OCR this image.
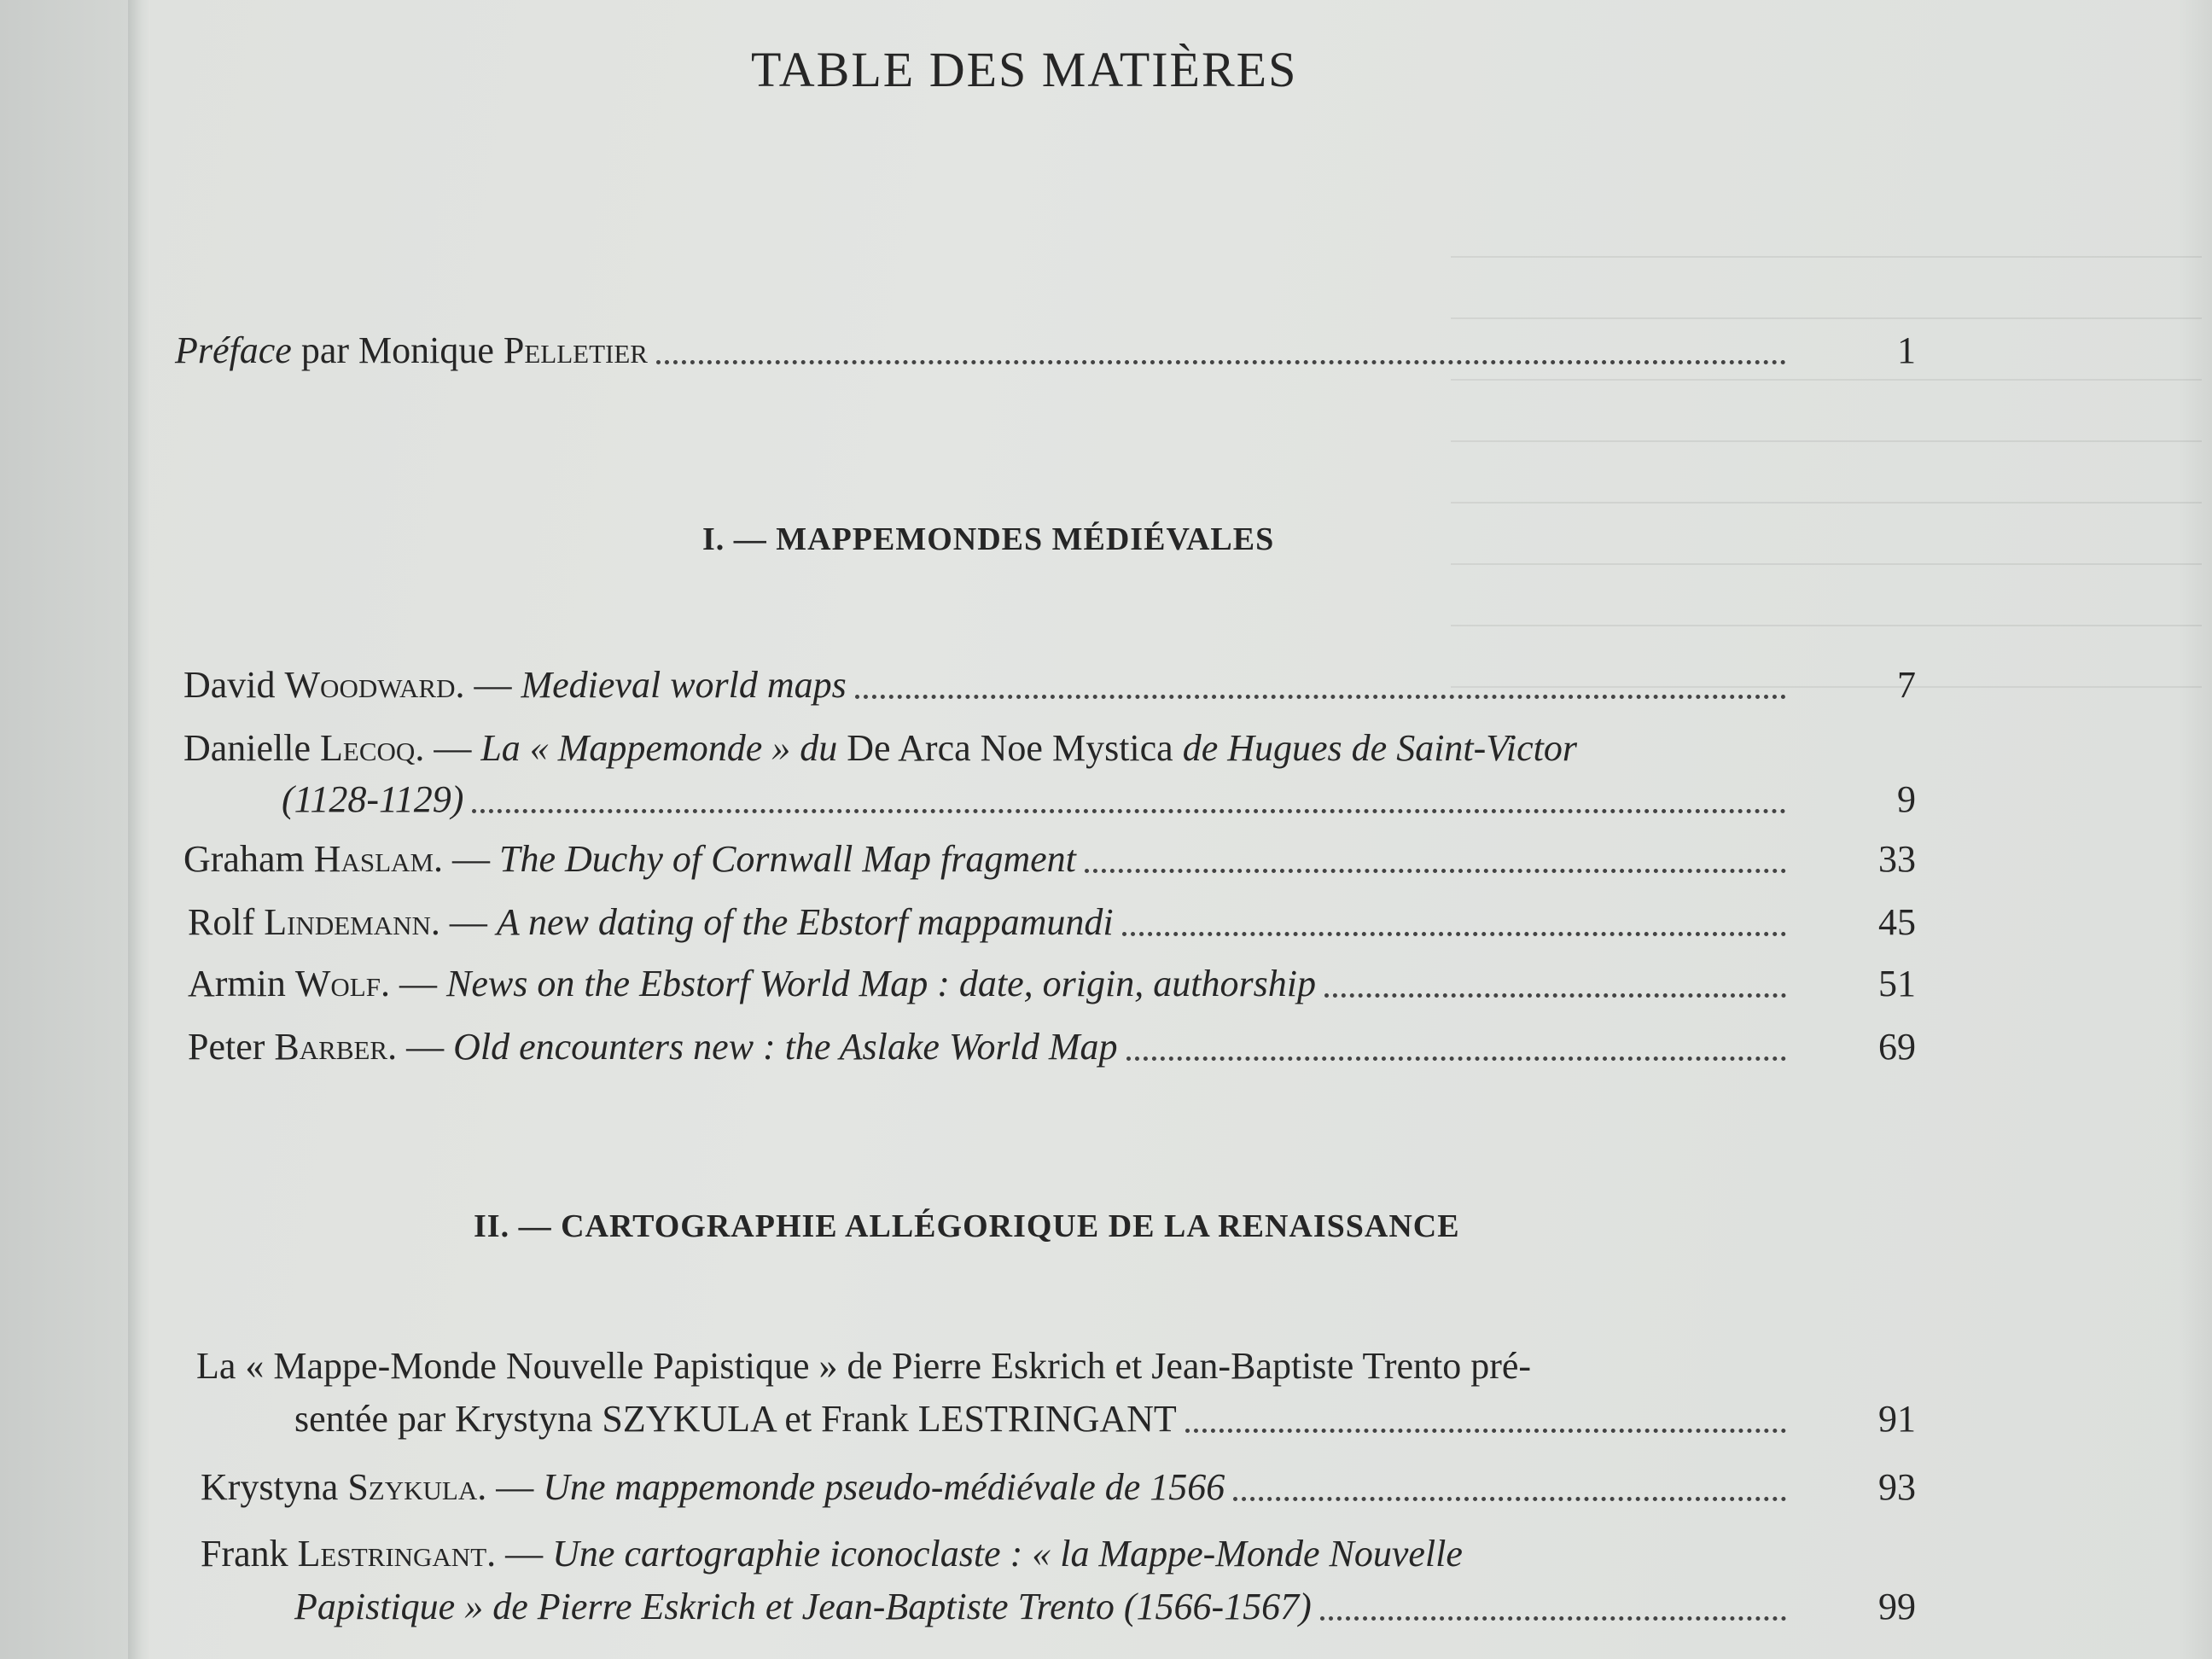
TABLE DES MATIÈRES
Préface par Monique Pelletier	1
I. — MAPPEMONDES MÉDIÉVALES
David Woodward. — Medieval world maps	7
Danielle Lecoq. — La « Mappemonde » du De Arca Noe Mystica de Hugues de Saint-Victor
(1128-1129)	9
Graham Haslam. — The Duchy of Cornwall Map fragment	33
Rolf Lindemann. — A new dating of the Ebstorf mappamundi	45
Armin Wolf. — News on the Ebstorf World Map : date, origin, authorship	51
Peter Barber. — Old encounters new : the Aslake World Map	69
II. — CARTOGRAPHIE ALLÉGORIQUE DE LA RENAISSANCE
La « Mappe-Monde Nouvelle Papistique » de Pierre Eskrich et Jean-Baptiste Trento pré-
sentée par Krystyna SZYKULA et Frank LESTRINGANT	91
Krystyna Szykula. — Une mappemonde pseudo-médiévale de 1566	93
Frank Lestringant. — Une cartographie iconoclaste : « la Mappe-Monde Nouvelle
Papistique » de Pierre Eskrich et Jean-Baptiste Trento (1566-1567)	99
